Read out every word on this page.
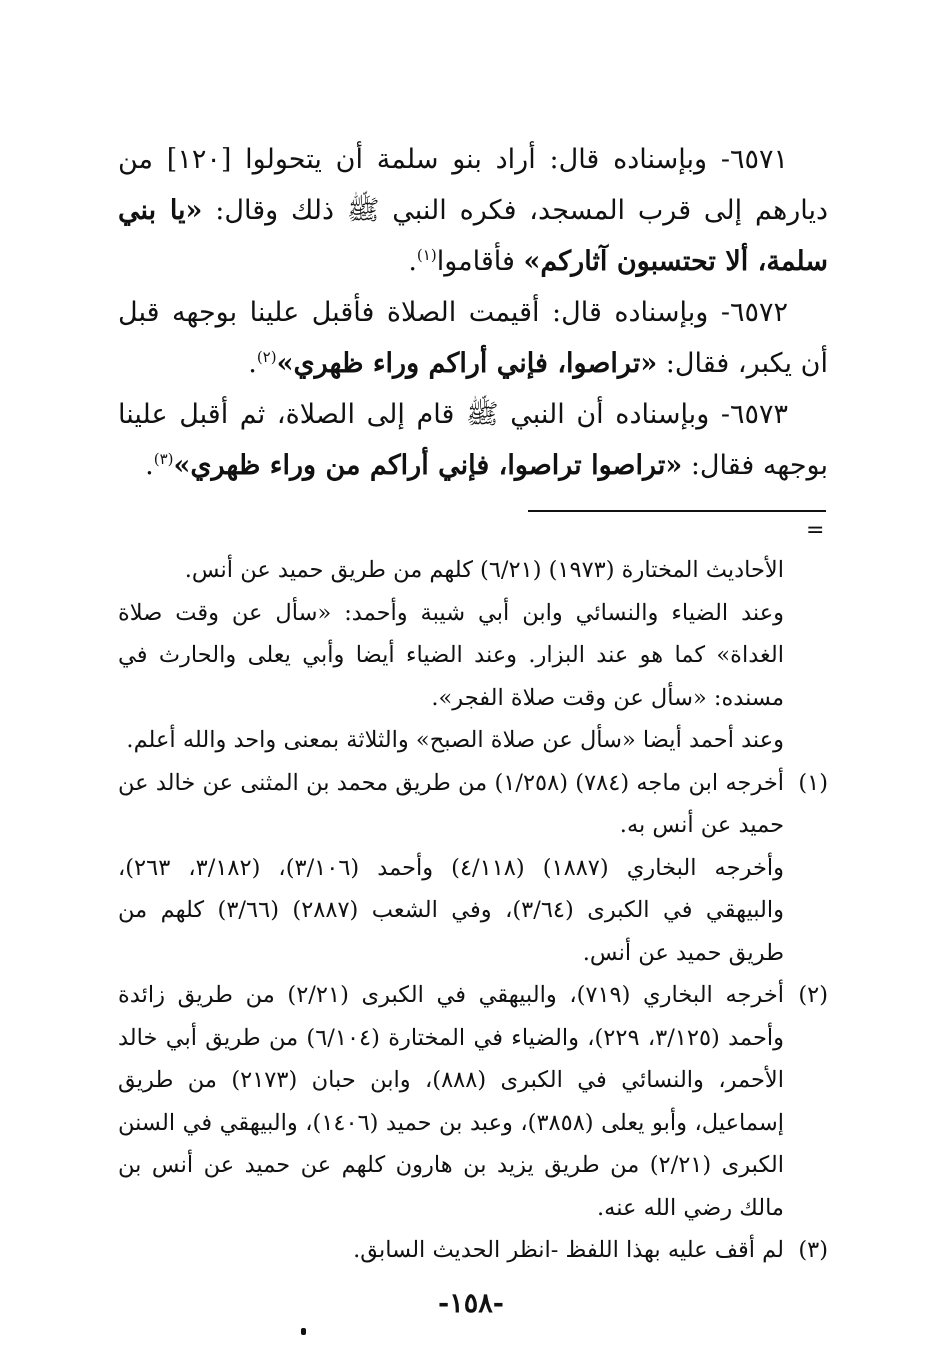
٦٥٧١- وبإسناده قال: أراد بنو سلمة أن يتحولوا [١٢٠] من ديارهم إلى قرب المسجد، فكره النبي ﷺ ذلك وقال: «يا بني سلمة، ألا تحتسبون آثاركم» فأقاموا$^{(١)}$.

٦٥٧٢- وبإسناده قال: أقيمت الصلاة فأقبل علينا بوجهه قبل أن يكبر، فقال: «تراصوا، فإني أراكم وراء ظهري»$^{(٢)}$.

٦٥٧٣- وبإسناده أن النبي ﷺ قام إلى الصلاة، ثم أقبل علينا بوجهه فقال: «تراصوا تراصوا، فإني أراكم من وراء ظهري»$^{(٣)}$.

=

الأحاديث المختارة (١٩٧٣) (٦/٢١) كلهم من طريق حميد عن أنس.

وعند الضياء والنسائي وابن أبي شيبة وأحمد: «سأل عن وقت صلاة الغداة» كما هو عند البزار. وعند الضياء أيضا وأبي يعلى والحارث في مسنده: «سأل عن وقت صلاة الفجر».

وعند أحمد أيضا «سأل عن صلاة الصبح» والثلاثة بمعنى واحد والله أعلم.

(١)

أخرجه ابن ماجه (٧٨٤) (١/٢٥٨) من طريق محمد بن المثنى عن خالد عن حميد عن أنس به.

وأخرجه البخاري (١٨٨٧) (٤/١١٨) وأحمد (٣/١٠٦)، (٣/١٨٢، ٢٦٣)، والبيهقي في الكبرى (٣/٦٤)، وفي الشعب (٢٨٨٧) (٣/٦٦) كلهم من طريق حميد عن أنس.

(٢)

أخرجه البخاري (٧١٩)، والبيهقي في الكبرى (٢/٢١) من طريق زائدة وأحمد (٣/١٢٥، ٢٢٩)، والضياء في المختارة (٦/١٠٤) من طريق أبي خالد الأحمر، والنسائي في الكبرى (٨٨٨)، وابن حبان (٢١٧٣) من طريق إسماعيل، وأبو يعلى (٣٨٥٨)، وعبد بن حميد (١٤٠٦)، والبيهقي في السنن الكبرى (٢/٢١) من طريق يزيد بن هارون كلهم عن حميد عن أنس بن مالك رضي الله عنه.

(٣)

لم أقف عليه بهذا اللفظ -انظر الحديث السابق.

-١٥٨-
